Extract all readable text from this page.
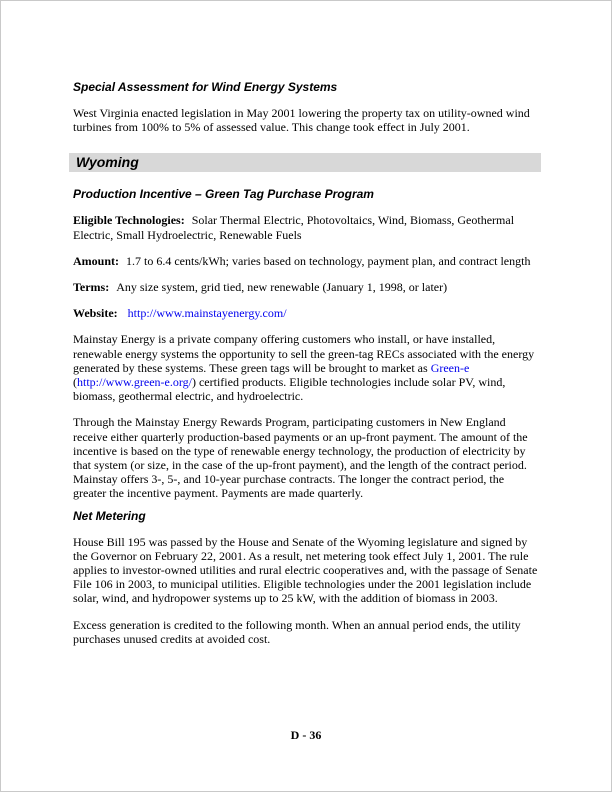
Special Assessment for Wind Energy Systems

West Virginia enacted legislation in May 2001 lowering the property tax on utility-owned wind turbines from 100% to 5% of assessed value. This change took effect in July 2001.

Wyoming
Production Incentive – Green Tag Purchase Program

Eligible Technologies: Solar Thermal Electric, Photovoltaics, Wind, Biomass, Geothermal Electric, Small Hydroelectric, Renewable Fuels

Amount: 1.7 to 6.4 cents/kWh; varies based on technology, payment plan, and contract length

Terms: Any size system, grid tied, new renewable (January 1, 1998, or later)

Website: http://www.mainstayenergy.com/

Mainstay Energy is a private company offering customers who install, or have installed, renewable energy systems the opportunity to sell the green-tag RECs associated with the energy generated by these systems. These green tags will be brought to market as Green-e (http://www.green-e.org/) certified products. Eligible technologies include solar PV, wind, biomass, geothermal electric, and hydroelectric.

Through the Mainstay Energy Rewards Program, participating customers in New England receive either quarterly production-based payments or an up-front payment. The amount of the incentive is based on the type of renewable energy technology, the production of electricity by that system (or size, in the case of the up-front payment), and the length of the contract period. Mainstay offers 3-, 5-, and 10-year purchase contracts. The longer the contract period, the greater the incentive payment. Payments are made quarterly.

Net Metering

House Bill 195 was passed by the House and Senate of the Wyoming legislature and signed by the Governor on February 22, 2001. As a result, net metering took effect July 1, 2001. The rule applies to investor-owned utilities and rural electric cooperatives and, with the passage of Senate File 106 in 2003, to municipal utilities. Eligible technologies under the 2001 legislation include solar, wind, and hydropower systems up to 25 kW, with the addition of biomass in 2003.

Excess generation is credited to the following month. When an annual period ends, the utility purchases unused credits at avoided cost.

D - 36
